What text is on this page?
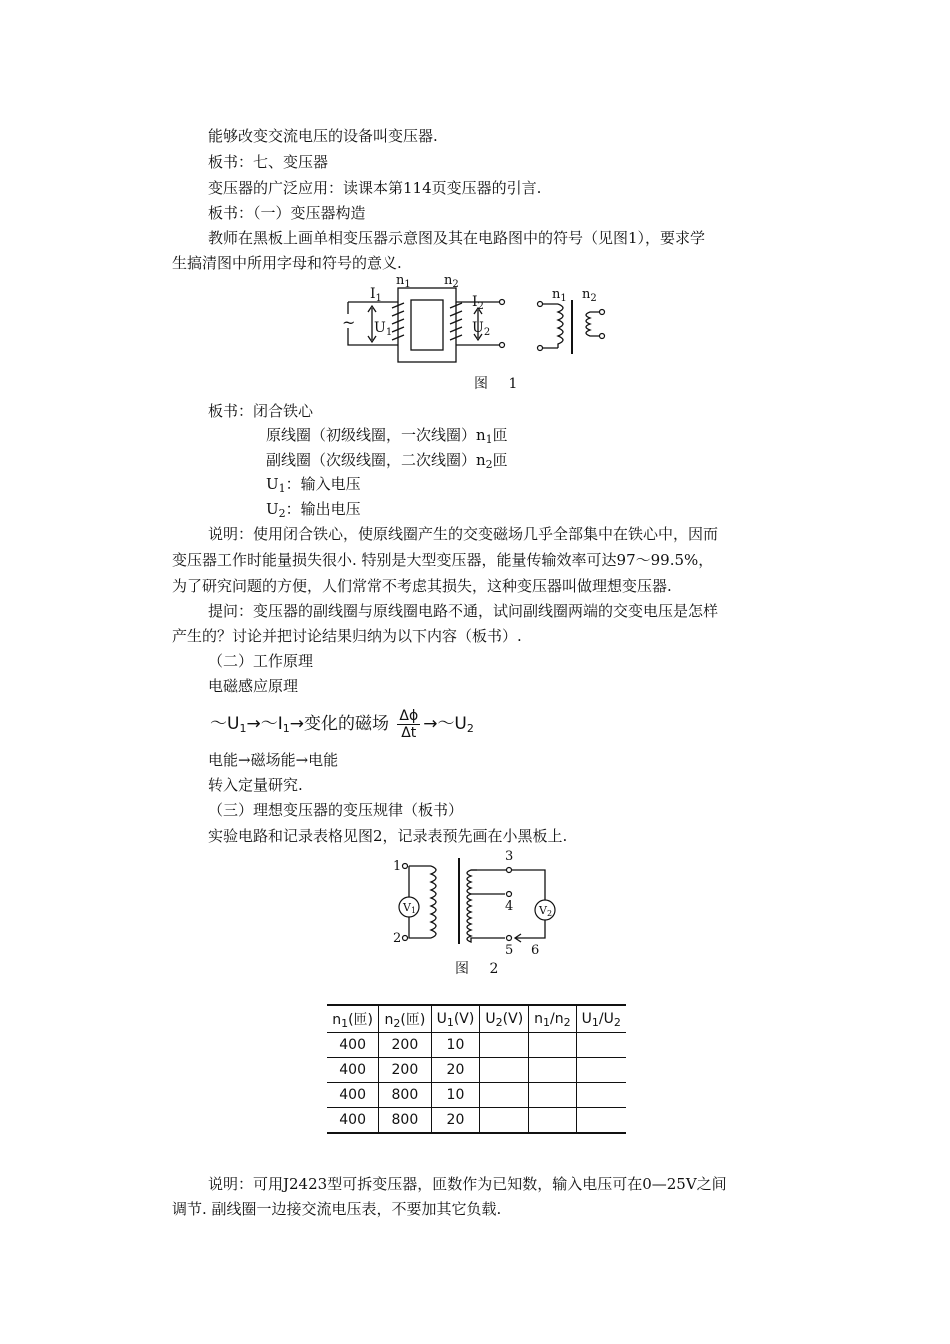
能够改变交流电压的设备叫变压器.
板书：七、变压器
变压器的广泛应用：读课本第114页变压器的引言.
板书：（一）变压器构造
教师在黑板上画单相变压器示意图及其在电路图中的符号（见图1），要求学
生搞清图中所用字母和符号的意义.
~
$n_1$	$n_2$
$I_1$	$I_2$
$U_1$	$U_2$
$n_1$ $n_2$
图 1
板书：闭合铁心
原线圈（初级线圈，一次线圈）$n_1$匝
副线圈（次级线圈，二次线圈）$n_2$匝
$U_1$：输入电压
$U_2$：输出电压
说明：使用闭合铁心，使原线圈产生的交变磁场几乎全部集中在铁心中，因而
变压器工作时能量损失很小. 特别是大型变压器，能量传输效率可达97～99.5%，
为了研究问题的方便，人们常常不考虑其损失，这种变压器叫做理想变压器.
提问：变压器的副线圈与原线圈电路不通，试问副线圈两端的交变电压是怎样
产生的？讨论并把讨论结果归纳为以下内容（板书）.
（二）工作原理
电磁感应原理
$\sim U_1\to\sim I_1\to$变化的磁场 $\frac{\Delta\phi}{\Delta t}$ $\to\sim U_2$
电能→磁场能→电能
转入定量研究.
（三）理想变压器的变压规律（板书）
实验电路和记录表格见图2，记录表预先画在小黑板上.
V1	V2
1
2
3
4
5 6
图 2
$n_1$(匝)	$n_2$(匝)	$U_1(V)$	$U_2(V)$	$n_1/n_2$	$U_1/U_2$
400	200	10			
400	200	20			
400	800	10			
400	800	20			
说明：可用J2423型可拆变压器，匝数作为已知数，输入电压可在0—25V之间
调节. 副线圈一边接交流电压表，不要加其它负载.
